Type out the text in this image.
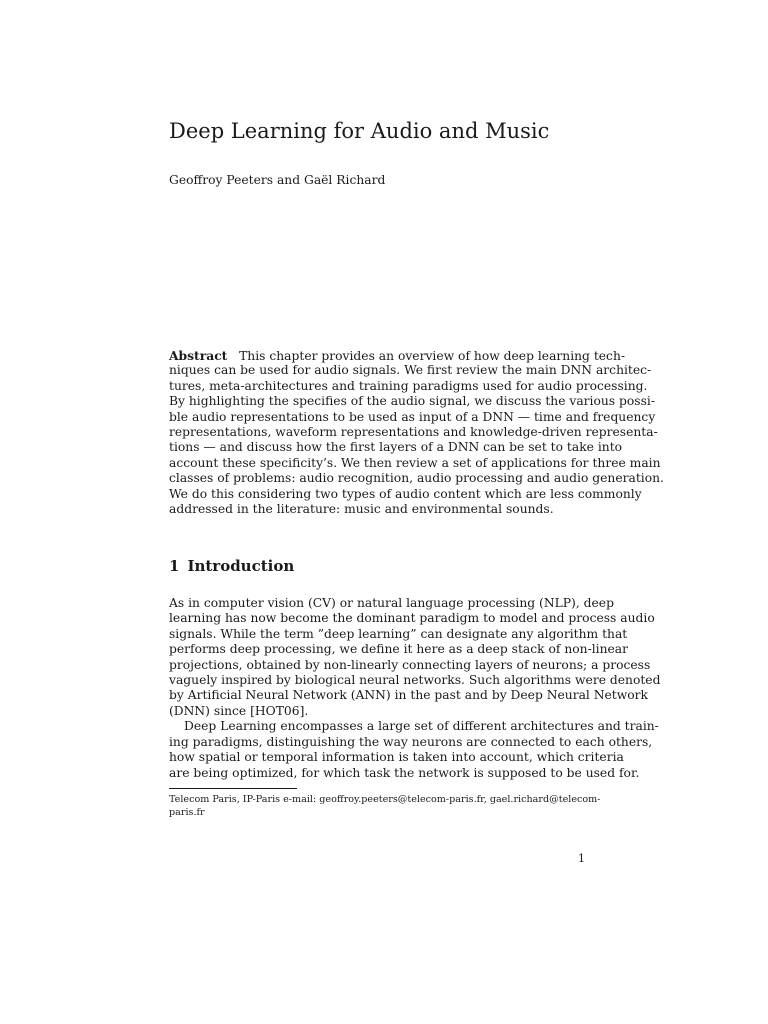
Deep Learning for Audio and Music
Geoffroy Peeters and Gaël Richard
Abstract This chapter provides an overview of how deep learning tech-
niques can be used for audio signals. We first review the main DNN architec-
tures, meta-architectures and training paradigms used for audio processing.
By highlighting the specifies of the audio signal, we discuss the various possi-
ble audio representations to be used as input of a DNN — time and frequency
representations, waveform representations and knowledge-driven representa-
tions — and discuss how the first layers of a DNN can be set to take into
account these specificity’s. We then review a set of applications for three main
classes of problems: audio recognition, audio processing and audio generation.
We do this considering two types of audio content which are less commonly
addressed in the literature: music and environmental sounds.
1 Introduction
As in computer vision (CV) or natural language processing (NLP), deep
learning has now become the dominant paradigm to model and process audio
signals. While the term ”deep learning” can designate any algorithm that
performs deep processing, we define it here as a deep stack of non-linear
projections, obtained by non-linearly connecting layers of neurons; a process
vaguely inspired by biological neural networks. Such algorithms were denoted
by Artificial Neural Network (ANN) in the past and by Deep Neural Network
(DNN) since [HOT06].
Deep Learning encompasses a large set of different architectures and train-
ing paradigms, distinguishing the way neurons are connected to each others,
how spatial or temporal information is taken into account, which criteria
are being optimized, for which task the network is supposed to be used for.
Telecom Paris, IP-Paris e-mail: geoffroy.peeters@telecom-paris.fr, gael.richard@telecom-
paris.fr
1
